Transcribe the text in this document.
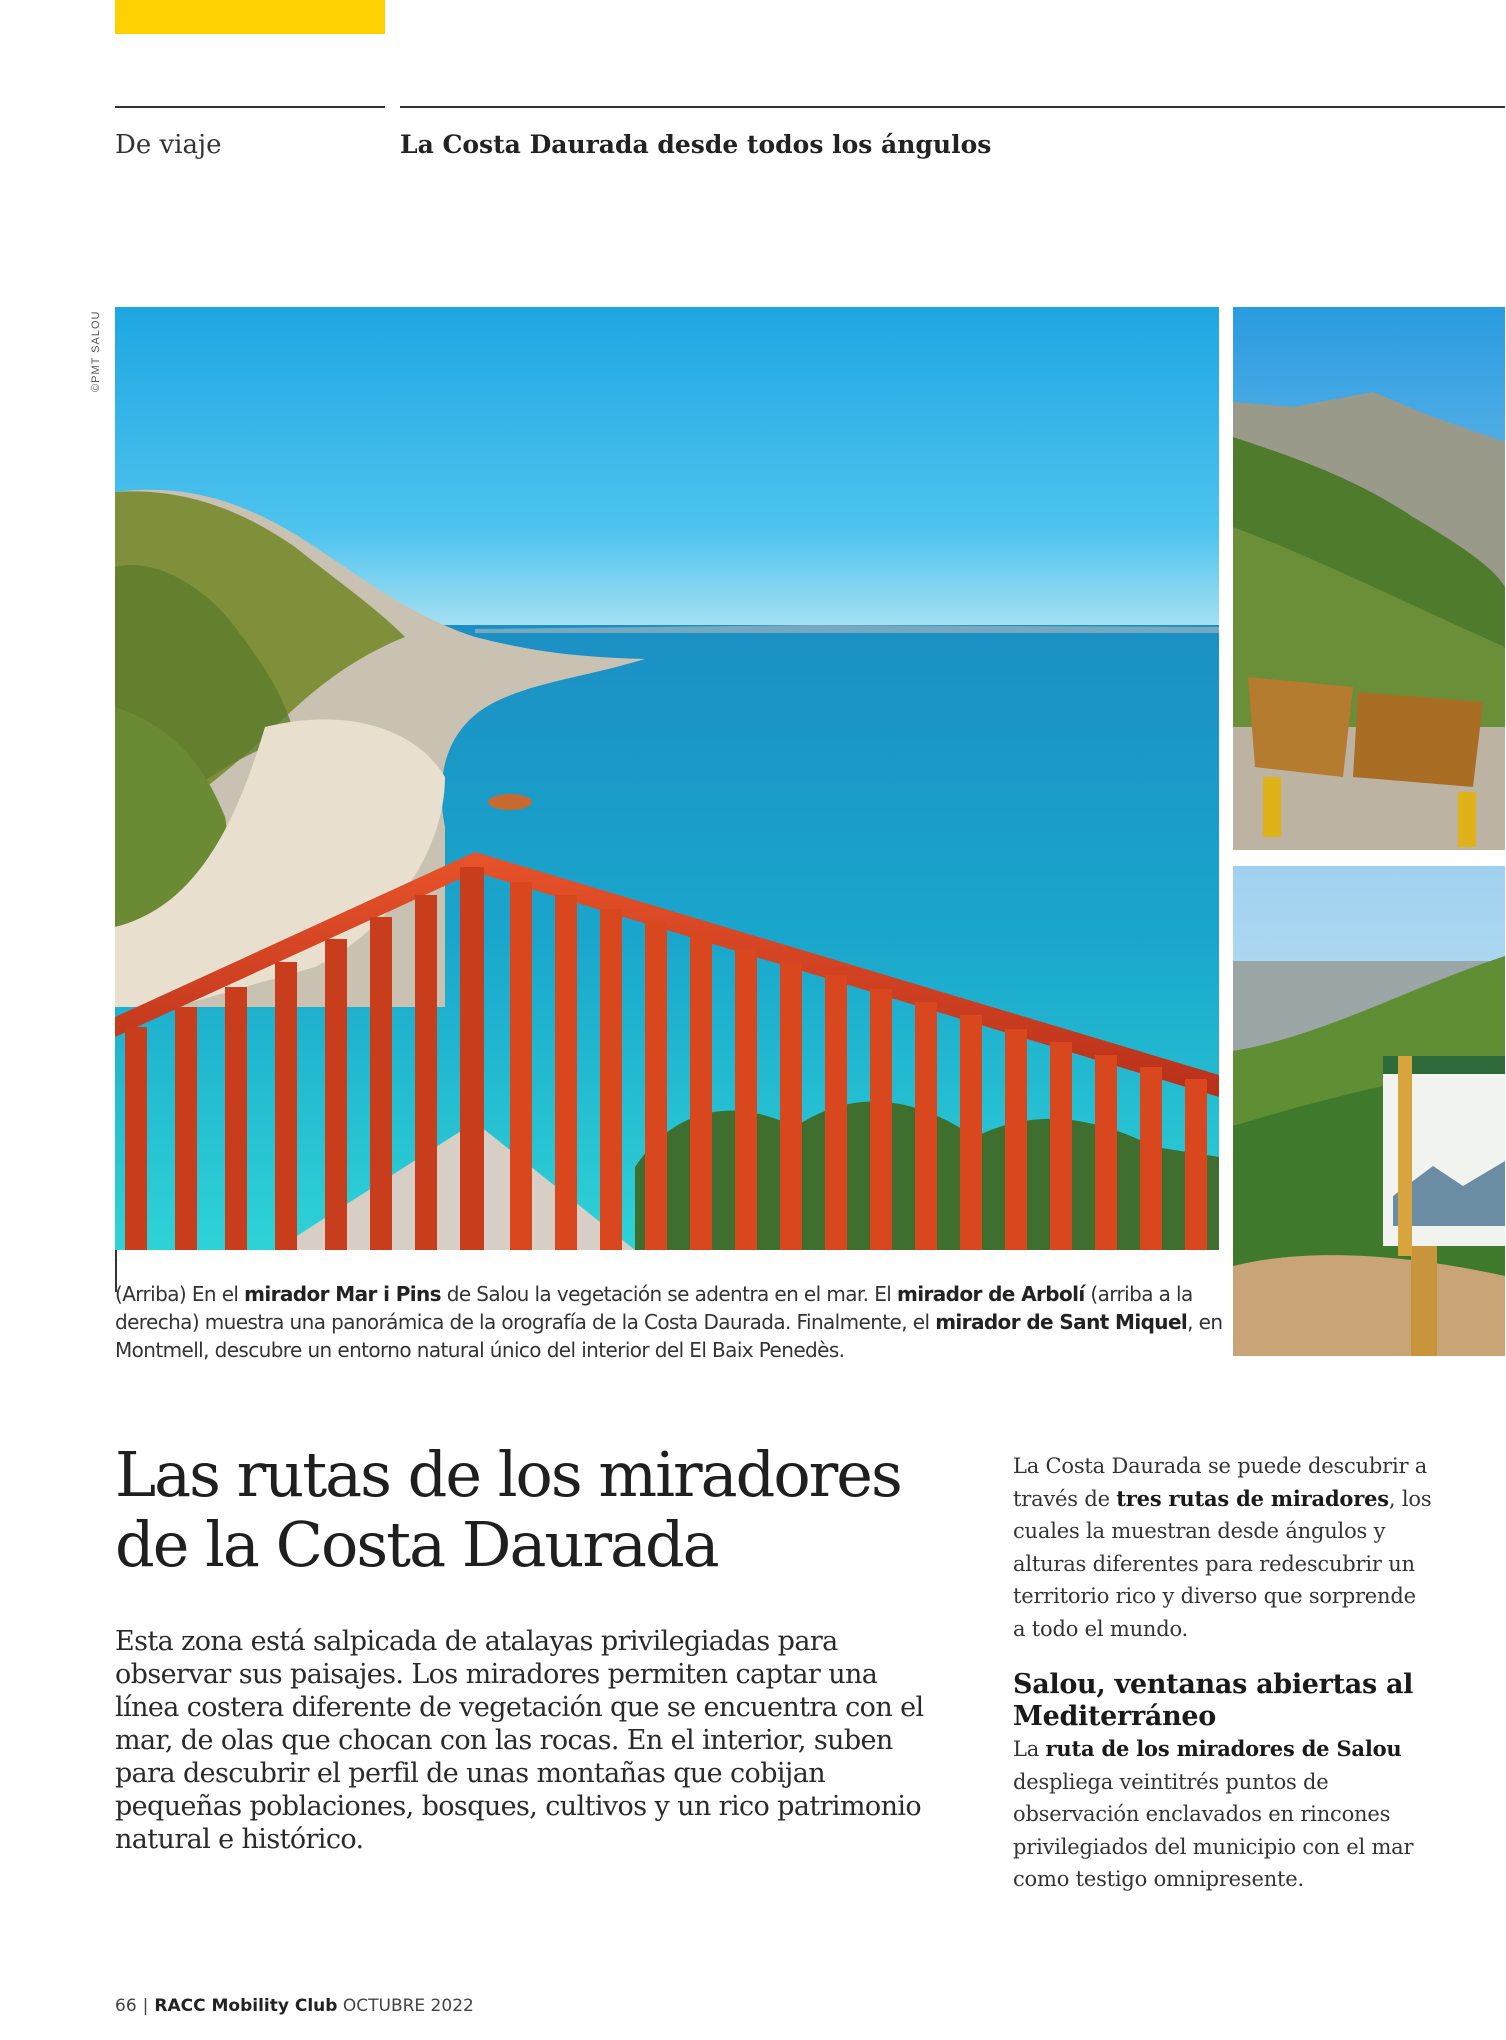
De viaje	La Costa Daurada desde todos los ángulos
©PMT SALOU
(Arriba) En el mirador Mar i Pins de Salou la vegetación se adentra en el mar. El mirador de Arbolí (arriba a la derecha) muestra una panorámica de la orografía de la Costa Daurada. Finalmente, el mirador de Sant Miquel, en Montmell, descubre un entorno natural único del interior del El Baix Penedès.
Las rutas de los miradores
de la Costa Daurada
Esta zona está salpicada de atalayas privilegiadas para observar sus paisajes. Los miradores permiten captar una línea costera diferente de vegetación que se encuentra con el mar, de olas que chocan con las rocas. En el interior, suben para descubrir el perfil de unas montañas que cobijan pequeñas poblaciones, bosques, cultivos y un rico patrimonio natural e histórico.

La Costa Daurada se puede descubrir a través de tres rutas de miradores, los cuales la muestran desde ángulos y alturas diferentes para redescubrir un territorio rico y diverso que sorprende a todo el mundo.

Salou, ventanas abiertas al Mediterráneo

La ruta de los miradores de Salou despliega veintitrés puntos de observación enclavados en rincones privilegiados del municipio con el mar como testigo omnipresente.

66 | RACC Mobility Club OCTUBRE 2022
